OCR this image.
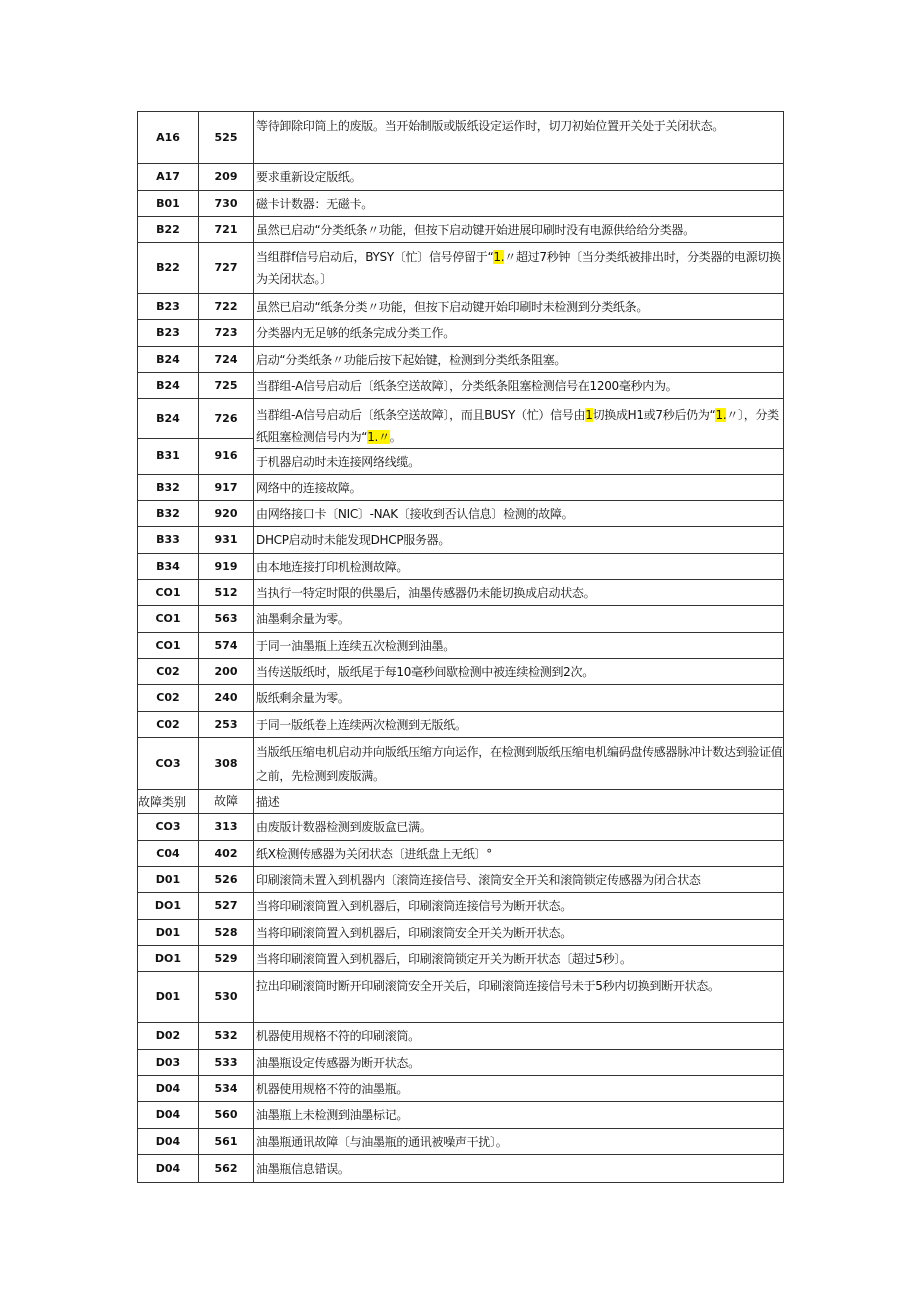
A16	525	等待卸除印筒上的废版。当开始制版或版纸设定运作时，切刀初始位置开关处于关闭状态。
A17	209	要求重新设定版纸。
B01	730	磁卡计数器：无磁卡。
B22	721	虽然已启动“分类纸条〃功能，但按下启动键开始进展印刷时没有电源供给给分类器。
B22	727	当组群f信号启动后，BYSY〔忙〕信号停留于“1.〃超过7秒钟〔当分类纸被排出时，分类器的电源切换为关闭状态。〕
B23	722	虽然已启动“纸条分类〃功能，但按下启动键开始印刷时未检测到分类纸条。
B23	723	分类器内无足够的纸条完成分类工作。
B24	724	启动“分类纸条〃功能后按下起始键，检测到分类纸条阻塞。
B24	725	当群组-A信号启动后〔纸条空送故障〕，分类纸条阻塞检测信号在1200毫秒内为。
B24	726	当群组-A信号启动后〔纸条空送故障〕，而且BUSY（忙）信号由1切换成H1或7秒后仍为“1.〃〕，分类纸阻塞检测信号内为“1.〃。

B31	916	于机器启动时未连接网络线缆。
B32	917	网络中的连接故障。
B32	920	由网络接口卡〔NIC〕-NAK〔接收到否认信息〕检测的故障。
B33	931	DHCP启动时未能发现DHCP服务器。
B34	919	由本地连接打印机检测故障。
CO1	512	当执行一特定时限的供墨后，油墨传感器仍未能切换成启动状态。
CO1	563	油墨剩余量为零。
CO1	574	于同一油墨瓶上连续五次检测到油墨。
C02	200	当传送版纸时，版纸尾于每10毫秒间歇检测中被连续检测到2次。
C02	240	版纸剩余量为零。
C02	253	于同一版纸卷上连续两次检测到无版纸。
CO3	308	当版纸压缩电机启动并向版纸压缩方向运作，在检测到版纸压缩电机编码盘传感器脉冲计数达到验证值之前，先检测到废版满。
故障类别	故障	描述
CO3	313	由废版计数器检测到废版盒已满。
C04	402	纸X检测传感器为关闭状态〔进纸盘上无纸〕°
D01	526	印刷滚筒未置入到机器内〔滚筒连接信号、滚筒安全开关和滚筒锁定传感器为闭合状态
DO1	527	当将印刷滚筒置入到机器后，印刷滚筒连接信号为断开状态。
D01	528	当将印刷滚筒置入到机器后，印刷滚筒安全开关为断开状态。
DO1	529	当将印刷滚筒置入到机器后，印刷滚筒锁定开关为断开状态〔超过5秒〕。
D01	530	拉出印刷滚筒时断开印刷滚筒安全开关后，印刷滚筒连接信号未于5秒内切换到断开状态。
D02	532	机器使用规格不符的印刷滚筒。
D03	533	油墨瓶设定传感器为断开状态。
D04	534	机器使用规格不符的油墨瓶。
D04	560	油墨瓶上未检测到油墨标记。
D04	561	油墨瓶通讯故障〔与油墨瓶的通讯被噪声干扰〕。
D04	562	油墨瓶信息错误。
